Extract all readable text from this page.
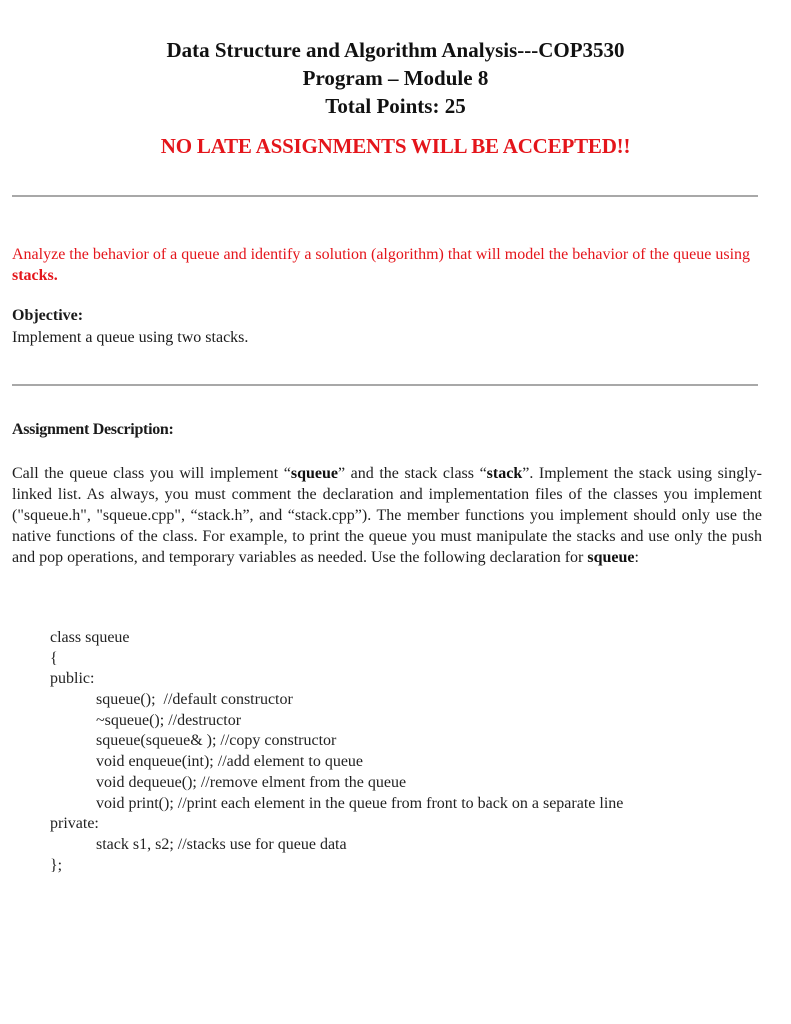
Data Structure and Algorithm Analysis---COP3530
Program – Module 8
Total Points: 25
NO LATE ASSIGNMENTS WILL BE ACCEPTED!!
Analyze the behavior of a queue and identify a solution (algorithm) that will model the behavior of the queue using stacks.
Objective:
Implement a queue using two stacks.
Assignment Description:
Call the queue class you will implement “squeue” and the stack class “stack”. Implement the stack using singly-linked list. As always, you must comment the declaration and implementation files of the classes you implement ("squeue.h", "squeue.cpp", “stack.h”, and “stack.cpp”). The member functions you implement should only use the native functions of the class. For example, to print the queue you must manipulate the stacks and use only the push and pop operations, and temporary variables as needed. Use the following declaration for squeue:
class squeue
{
public:
squeue();  //default constructor
~squeue(); //destructor
squeue(squeue& ); //copy constructor
void enqueue(int); //add element to queue
void dequeue(); //remove elment from the queue
void print(); //print each element in the queue from front to back on a separate line
private:
stack s1, s2; //stacks use for queue data
};
